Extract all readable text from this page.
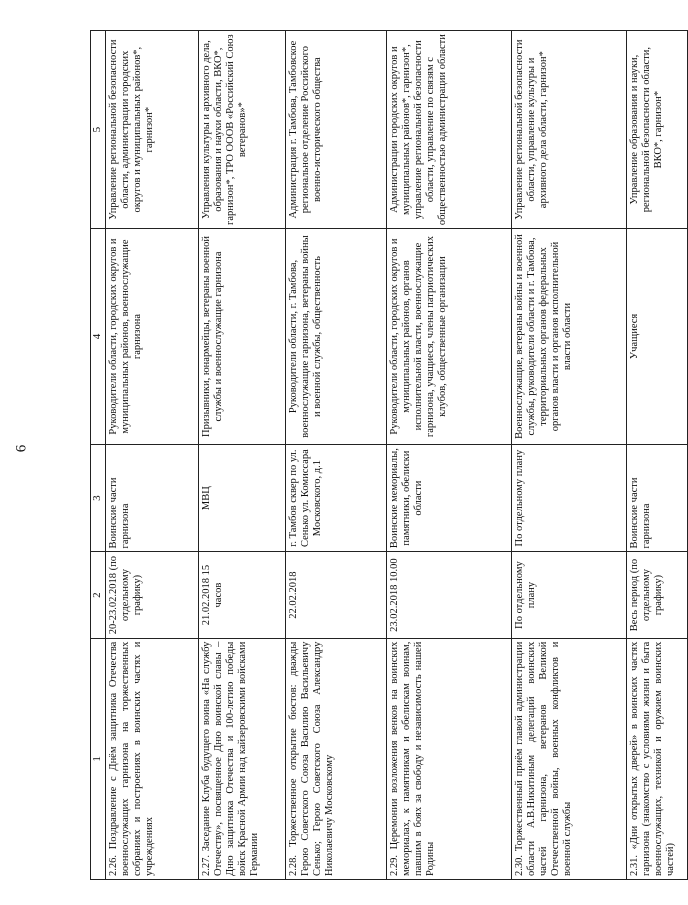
6
1	2	3	4	5
2.26. Поздравление с Днём защитника Отечества военнослужащих гарнизона на торжественных собраниях и построениях в воинских частях и учреждениях	20-23.02.2018 (по отдельному графику)	Воинские части гарнизона	Руководители области, городских округов и муниципальных районов, военнослужащие гарнизона	Управление региональной безопасности области, администрации городских округов и муниципальных районов*, гарнизон*
2.27. Заседание Клуба будущего воина «На службу Отечеству», посвященное Дню воинской славы – Дню защитника Отечества и 100-летию победы войск Красной Армии над кайзеровскими войсками Германии	21.02.2018 15 часов	МВЦ	Призывники, юнармейцы, ветераны военной службы и военнослужащие гарнизона	Управления культуры и архивного дела, образования и науки области, ВКО*, гарнизон*, ТРО ОООВ «Российский Союз ветеранов»*
2.28. Торжественное открытие бюстов: дважды Герою Советского Союза Василию Васильевичу Сенько; Герою Советского Союза Александру Николаевичу Московскому	22.02.2018	г. Тамбов сквер по ул. Сенько ул. Комиссара Московского, д.1	Руководители области, г. Тамбова, военнослужащие гарнизона, ветераны войны и военной службы, общественность	Администрация г. Тамбова, Тамбовское региональное отделение Российского военно-исторического общества
2.29. Церемонии возложения венков на воинских мемориалах, к памятникам и обелискам воинам, павшим в боях за свободу и независимость нашей Родины	23.02.2018 10.00	Воинские мемориалы, памятники, обелиски области	Руководители области, городских округов и муниципальных районов, органов исполнительной власти, военнослужащие гарнизона, учащиеся, члены патриотических клубов, общественные организации	Администрации городских округов и муниципальных районов*, гарнизон*, управление региональной безопасности области, управление по связям с общественностью администрации области
2.30. Торжественный приём главой администрации области А.В.Никитиным делегаций воинских частей гарнизона, ветеранов Великой Отечественной войны, военных конфликтов и военной службы	По отдельному плану	По отдельному плану	Военнослужащие, ветераны войны и военной службы, руководители области и г. Тамбова, территориальных органов федеральных органов власти и органов исполнительной власти области	Управление региональной безопасности области, управление культуры и архивного дела области, гарнизон*
2.31. «Дни открытых дверей» в воинских частях гарнизона (знакомство с условиями жизни и быта военнослужащих, техникой и оружием воинских частей)	Весь период (по отдельному графику)	Воинские части гарнизона	Учащиеся	Управление образования и науки, региональной безопасности области, ВКО*, гарнизон*
